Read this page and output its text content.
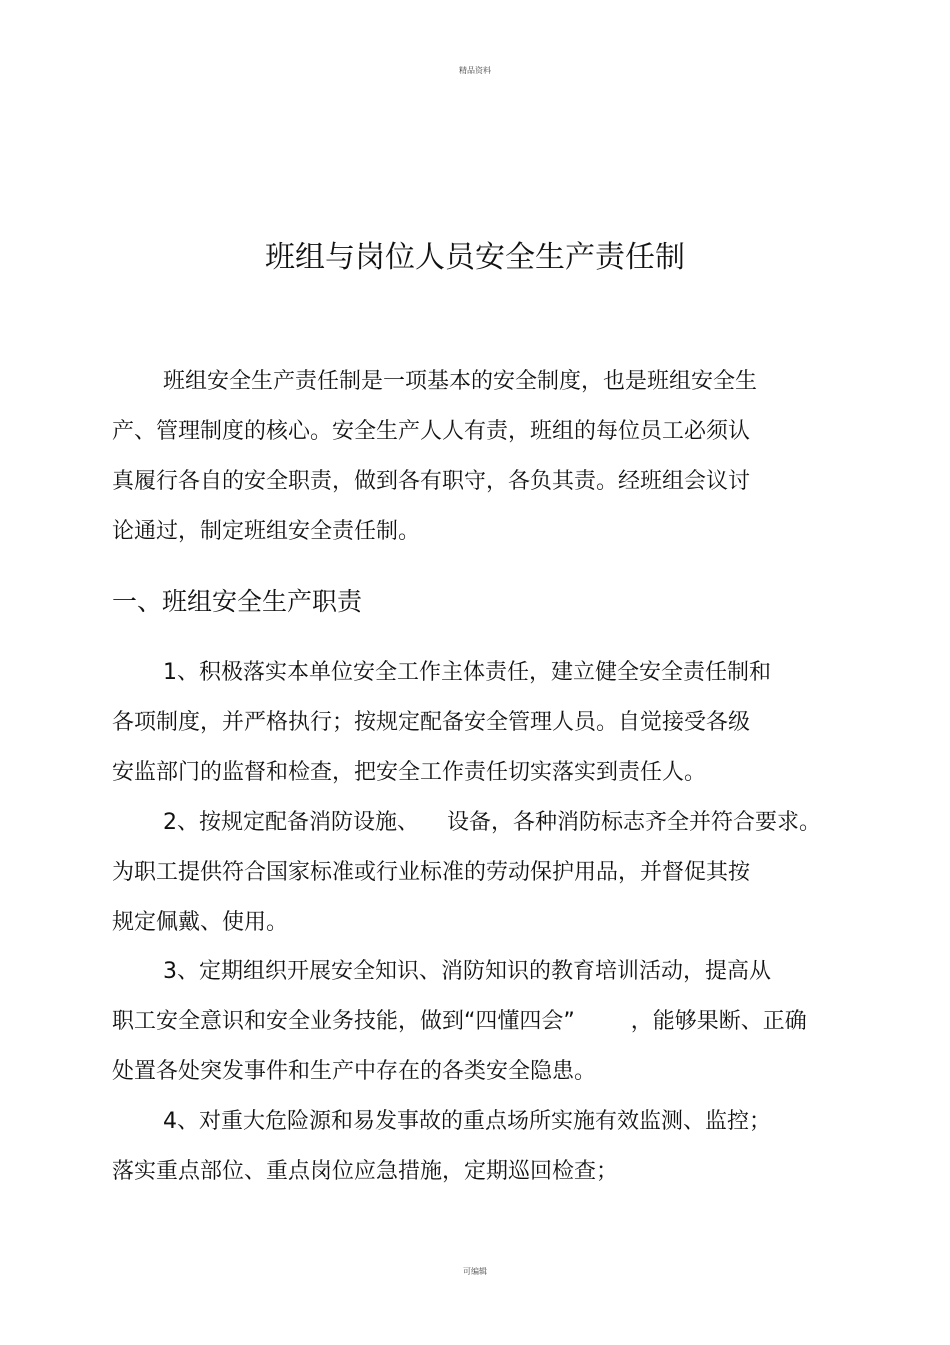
精品资料
班组与岗位人员安全生产责任制
班组安全生产责任制是一项基本的安全制度，也是班组安全生
产、管理制度的核心。安全生产人人有责，班组的每位员工必须认
真履行各自的安全职责，做到各有职守，各负其责。经班组会议讨
论通过，制定班组安全责任制。
一、班组安全生产职责
1、积极落实本单位安全工作主体责任，建立健全安全责任制和
各项制度，并严格执行；按规定配备安全管理人员。自觉接受各级
安监部门的监督和检查，把安全工作责任切实落实到责任人。
2、按规定配备消防设施、    设备，各种消防标志齐全并符合要求。
为职工提供符合国家标准或行业标准的劳动保护用品，并督促其按
规定佩戴、使用。
3、定期组织开展安全知识、消防知识的教育培训活动，提高从
职工安全意识和安全业务技能，做到“四懂四会”        ，能够果断、正确
处置各处突发事件和生产中存在的各类安全隐患。
4、对重大危险源和易发事故的重点场所实施有效监测、监控；
落实重点部位、重点岗位应急措施，定期巡回检查；
可编辑
